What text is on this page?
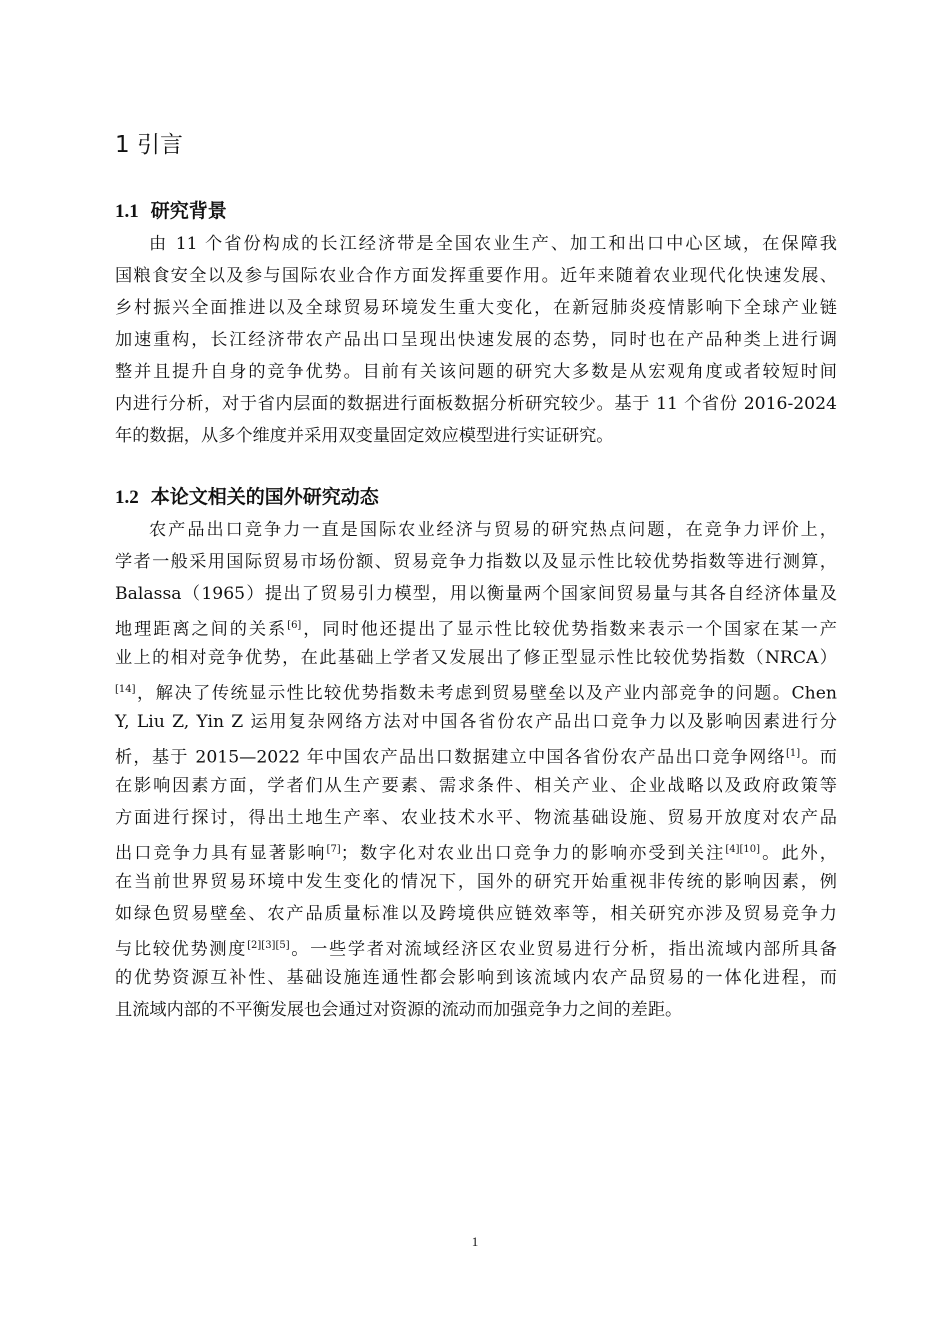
1 引言
1.1 研究背景
由 11 个省份构成的长江经济带是全国农业生产、加工和出口中心区域，在保障我
国粮食安全以及参与国际农业合作方面发挥重要作用。近年来随着农业现代化快速发展、
乡村振兴全面推进以及全球贸易环境发生重大变化，在新冠肺炎疫情影响下全球产业链
加速重构，长江经济带农产品出口呈现出快速发展的态势，同时也在产品种类上进行调
整并且提升自身的竞争优势。目前有关该问题的研究大多数是从宏观角度或者较短时间
内进行分析，对于省内层面的数据进行面板数据分析研究较少。基于 11 个省份 2016-2024
年的数据，从多个维度并采用双变量固定效应模型进行实证研究。
1.2 本论文相关的国外研究动态
农产品出口竞争力一直是国际农业经济与贸易的研究热点问题，在竞争力评价上，
学者一般采用国际贸易市场份额、贸易竞争力指数以及显示性比较优势指数等进行测算，
Balassa（1965）提出了贸易引力模型，用以衡量两个国家间贸易量与其各自经济体量及
地理距离之间的关系[6]，同时他还提出了显示性比较优势指数来表示一个国家在某一产
业上的相对竞争优势，在此基础上学者又发展出了修正型显示性比较优势指数（NRCA）
[14]，解决了传统显示性比较优势指数未考虑到贸易壁垒以及产业内部竞争的问题。Chen
Y, Liu Z, Yin Z 运用复杂网络方法对中国各省份农产品出口竞争力以及影响因素进行分
析，基于 2015—2022 年中国农产品出口数据建立中国各省份农产品出口竞争网络[1]。而
在影响因素方面，学者们从生产要素、需求条件、相关产业、企业战略以及政府政策等
方面进行探讨，得出土地生产率、农业技术水平、物流基础设施、贸易开放度对农产品
出口竞争力具有显著影响[7]；数字化对农业出口竞争力的影响亦受到关注[4][10]。此外，
在当前世界贸易环境中发生变化的情况下，国外的研究开始重视非传统的影响因素，例
如绿色贸易壁垒、农产品质量标准以及跨境供应链效率等，相关研究亦涉及贸易竞争力
与比较优势测度[2][3][5]。一些学者对流域经济区农业贸易进行分析，指出流域内部所具备
的优势资源互补性、基础设施连通性都会影响到该流域内农产品贸易的一体化进程，而
且流域内部的不平衡发展也会通过对资源的流动而加强竞争力之间的差距。
1
